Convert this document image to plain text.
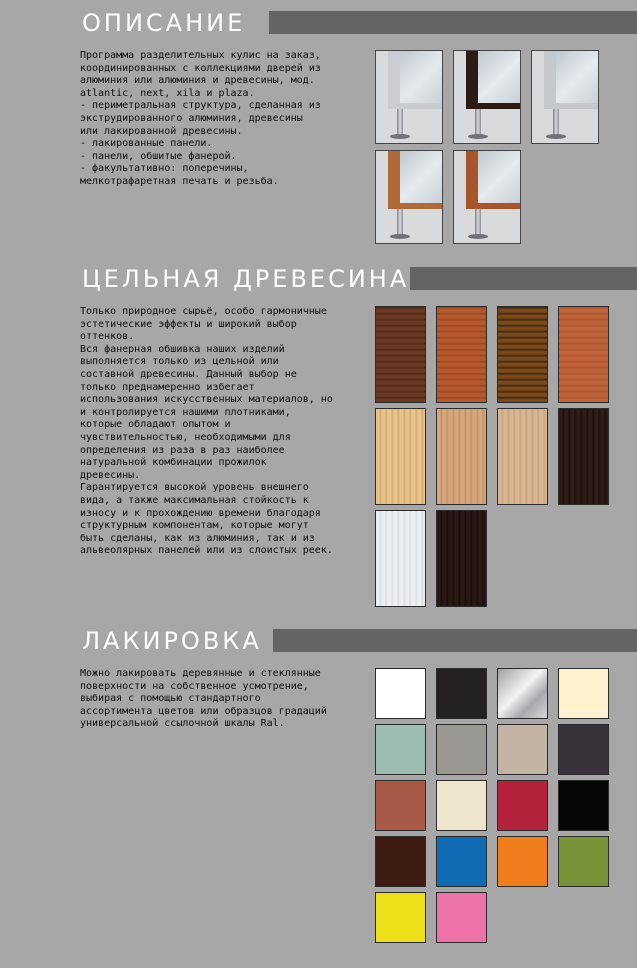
ОПИСАНИЕ
Программа разделительных кулис на заказ,
координированных с коллекциями дверей из
алюминия или алюминия и древесины, мод.
atlantic, next, xila и plaza.
- периметральная структура, сделанная из
экструдированного алюминия, древесины
или лакированной древесины.
- лакированные панели.
- панели, обшитые фанерой.
- факультативно: поперечины,
мелкотрафаретная печать и резьба.
ЦЕЛЬНАЯ ДРЕВЕСИНА
Только природное сырьё, особо гармоничные
эстетические эффекты и широкий выбор
оттенков.
Вся фанерная обшивка наших изделий
выполняется только из цельной или
составной древесины. Данный выбор не
только преднамеренно избегает
использования искусственных материалов, но
и контролируется нашими плотниками,
которые обладают опытом и
чувствительностью, необходимыми для
определения из раза в раз наиболее
натуральной комбинации прожилок
древесины.
Гарантируется высокой уровень внешнего
вида, а также максимальная стойкость к
износу и к прохождению времени благодаря
структурным компонентам, которые могут
быть сделаны, как из алюминия, так и из
альвеолярных панелей или из слоистых реек.
ЛАКИРОВКА
Можно лакировать деревянные и стеклянные
поверхности на собственное усмотрение,
выбирая с помощью стандартного
ассортимента цветов или образцов градаций
универсальной ссылочной шкалы Ral.
